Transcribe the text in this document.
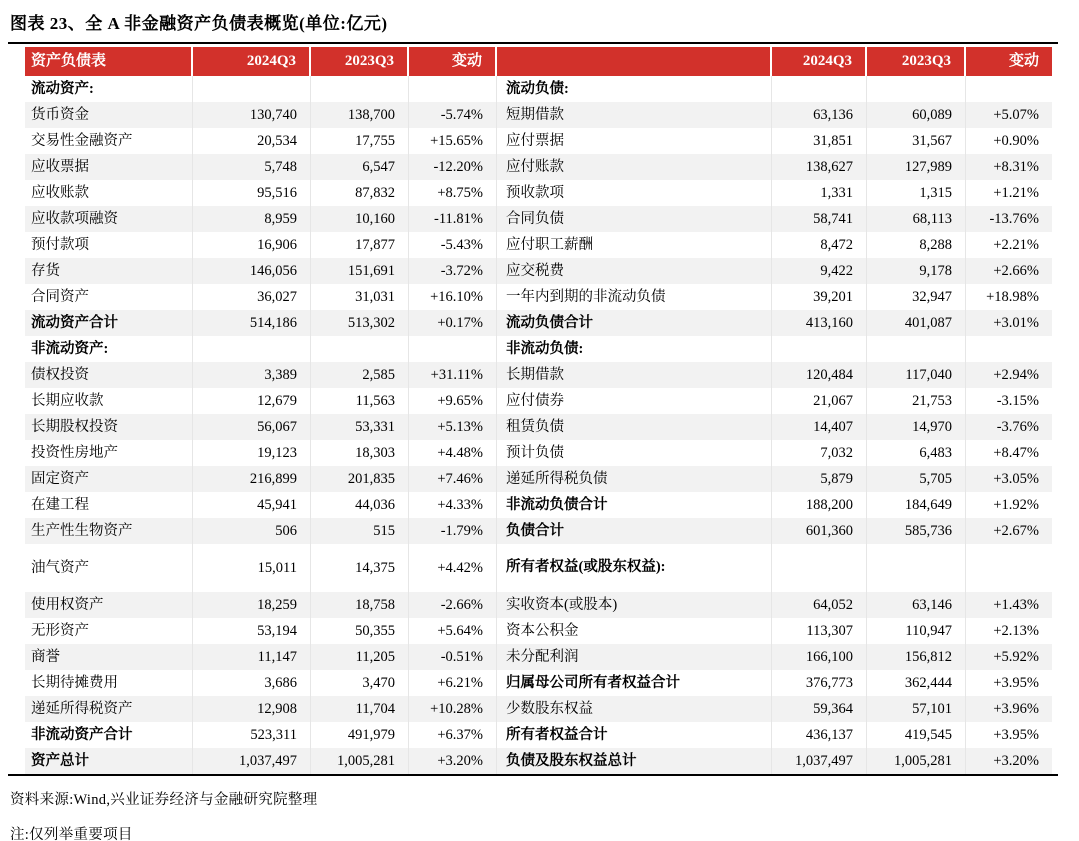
图表 23、全 A 非金融资产负债表概览(单位:亿元)
资产负债表	2024Q3	2023Q3	变动	2024Q3	2023Q3	变动
流动资产:	流动负债:
货币资金	130,740	138,700	-5.74%	短期借款	63,136	60,089	+5.07%
交易性金融资产	20,534	17,755	+15.65%	应付票据	31,851	31,567	+0.90%
应收票据	5,748	6,547	-12.20%	应付账款	138,627	127,989	+8.31%
应收账款	95,516	87,832	+8.75%	预收款项	1,331	1,315	+1.21%
应收款项融资	8,959	10,160	-11.81%	合同负债	58,741	68,113	-13.76%
预付款项	16,906	17,877	-5.43%	应付职工薪酬	8,472	8,288	+2.21%
存货	146,056	151,691	-3.72%	应交税费	9,422	9,178	+2.66%
合同资产	36,027	31,031	+16.10%	一年内到期的非流动负债	39,201	32,947	+18.98%
流动资产合计	514,186	513,302	+0.17%	流动负债合计	413,160	401,087	+3.01%
非流动资产:	非流动负债:
债权投资	3,389	2,585	+31.11%	长期借款	120,484	117,040	+2.94%
长期应收款	12,679	11,563	+9.65%	应付债券	21,067	21,753	-3.15%
长期股权投资	56,067	53,331	+5.13%	租赁负债	14,407	14,970	-3.76%
投资性房地产	19,123	18,303	+4.48%	预计负债	7,032	6,483	+8.47%
固定资产	216,899	201,835	+7.46%	递延所得税负债	5,879	5,705	+3.05%
在建工程	45,941	44,036	+4.33%	非流动负债合计	188,200	184,649	+1.92%
生产性生物资产	506	515	-1.79%	负债合计	601,360	585,736	+2.67%
油气资产	15,011	14,375	+4.42%	所有者权益(或股东权益):
使用权资产	18,259	18,758	-2.66%	实收资本(或股本)	64,052	63,146	+1.43%
无形资产	53,194	50,355	+5.64%	资本公积金	113,307	110,947	+2.13%
商誉	11,147	11,205	-0.51%	未分配利润	166,100	156,812	+5.92%
长期待摊费用	3,686	3,470	+6.21%	归属母公司所有者权益合计	376,773	362,444	+3.95%
递延所得税资产	12,908	11,704	+10.28%	少数股东权益	59,364	57,101	+3.96%
非流动资产合计	523,311	491,979	+6.37%	所有者权益合计	436,137	419,545	+3.95%
资产总计	1,037,497	1,005,281	+3.20%	负债及股东权益总计	1,037,497	1,005,281	+3.20%
资料来源:Wind,兴业证券经济与金融研究院整理
注:仅列举重要项目
